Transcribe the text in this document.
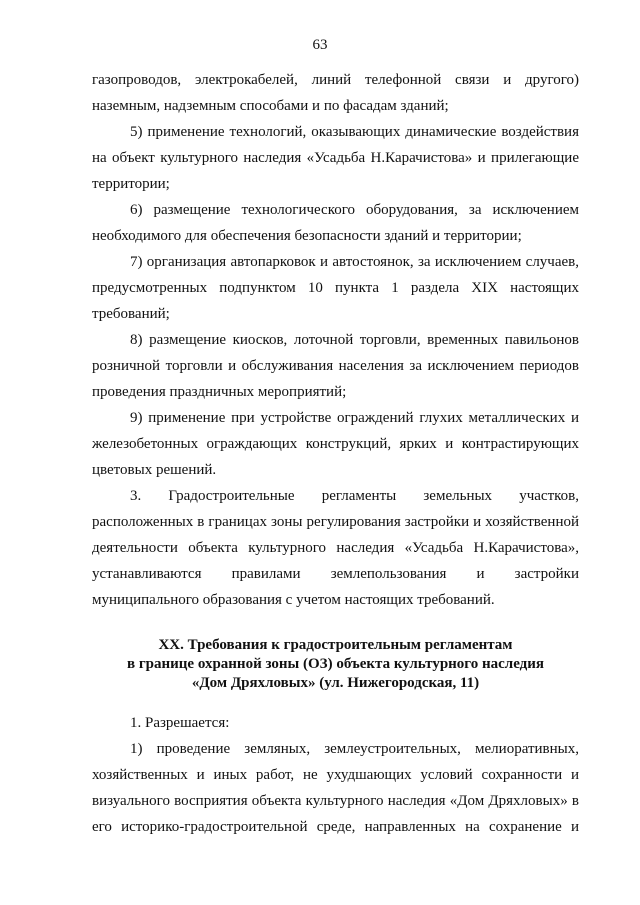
63

газопроводов, электрокабелей, линий телефонной связи и другого) наземным, надземным способами и по фасадам зданий;

5) применение технологий, оказывающих динамические воздействия на объект культурного наследия «Усадьба Н.Карачистова» и прилегающие территории;

6) размещение технологического оборудования, за исключением необходимого для обеспечения безопасности зданий и территории;

7) организация автопарковок и автостоянок, за исключением случаев, предусмотренных подпунктом 10 пункта 1 раздела XIX настоящих требований;

8) размещение киосков, лоточной торговли, временных павильонов розничной торговли и обслуживания населения за исключением периодов проведения праздничных мероприятий;

9) применение при устройстве ограждений глухих металлических и железобетонных ограждающих конструкций, ярких и контрастирующих цветовых решений.

3. Градостроительные регламенты земельных участков, расположенных в границах зоны регулирования застройки и хозяйственной деятельности объекта культурного наследия «Усадьба Н.Карачистова», устанавливаются правилами землепользования и застройки муниципального образования с учетом настоящих требований.

XX. Требования к градостроительным регламентам
в границе охранной зоны (ОЗ) объекта культурного наследия
«Дом Дряхловых» (ул. Нижегородская, 11)

1. Разрешается:

1) проведение земляных, землеустроительных, мелиоративных, хозяйственных и иных работ, не ухудшающих условий сохранности и визуального восприятия объекта культурного наследия «Дом Дряхловых» в его историко-градостроительной среде, направленных на сохранение и
